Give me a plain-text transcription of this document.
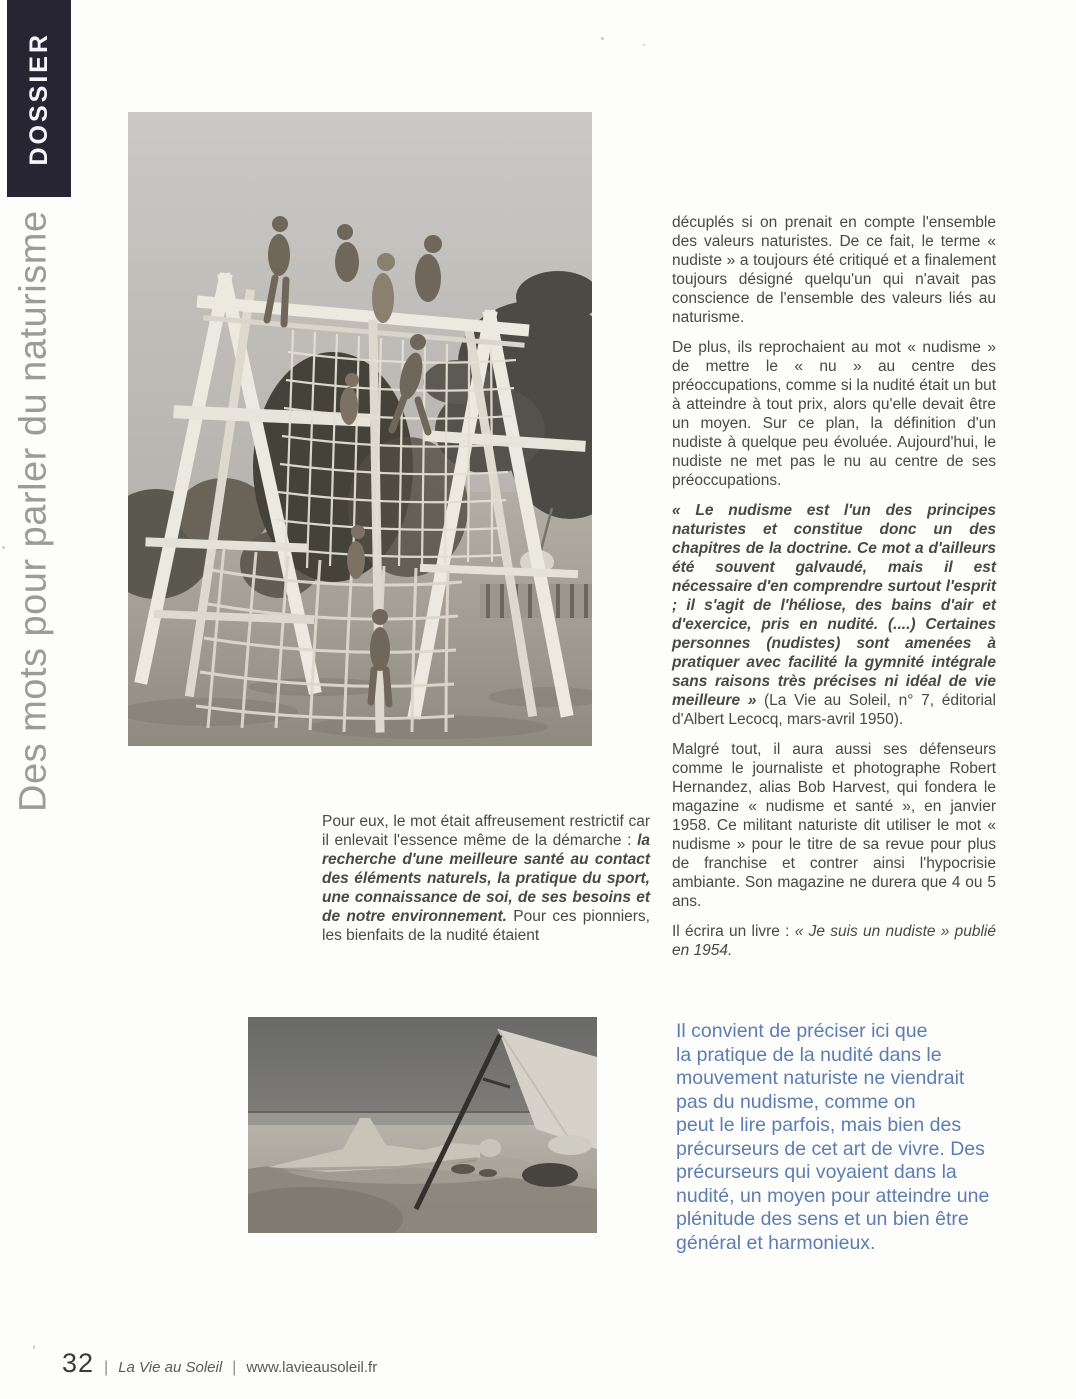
DOSSIER
Des mots pour parler du naturisme
Pour eux, le mot était affreusement restrictif car il enlevait l'essence même de la démarche : la recherche d'une meilleure santé au contact des éléments naturels, la pratique du sport, une connaissance de soi, de ses besoins et de notre environnement. Pour ces pionniers, les bienfaits de la nudité étaient

décuplés si on prenait en compte l'ensemble des valeurs naturistes. De ce fait, le terme « nudiste » a toujours été critiqué et a finalement toujours désigné quelqu'un qui n'avait pas conscience de l'ensemble des valeurs liés au naturisme.

De plus, ils reprochaient au mot « nudisme » de mettre le « nu » au centre des préoccupations, comme si la nudité était un but à atteindre à tout prix, alors qu'elle devait être un moyen. Sur ce plan, la définition d'un nudiste à quelque peu évoluée. Aujourd'hui, le nudiste ne met pas le nu au centre de ses préoccupations.

« Le nudisme est l'un des principes naturistes et constitue donc un des chapitres de la doctrine. Ce mot a d'ailleurs été souvent galvaudé, mais il est nécessaire d'en comprendre surtout l'esprit ; il s'agit de l'héliose, des bains d'air et d'exercice, pris en nudité. (....) Certaines personnes (nudistes) sont amenées à pratiquer avec facilité la gymnité intégrale sans raisons très précises ni idéal de vie meilleure » (La Vie au Soleil, n° 7, éditorial d'Albert Lecocq, mars-avril 1950).

Malgré tout, il aura aussi ses défenseurs comme le journaliste et photographe Robert Hernandez, alias Bob Harvest, qui fondera le magazine « nudisme et santé », en janvier 1958. Ce militant naturiste dit utiliser le mot « nudisme » pour le titre de sa revue pour plus de franchise et contrer ainsi l'hypocrisie ambiante. Son magazine ne durera que 4 ou 5 ans.

Il écrira un livre : « Je suis un nudiste » publié en 1954.

Il convient de préciser ici que
la pratique de la nudité dans le
mouvement naturiste ne viendrait
pas du nudisme, comme on
peut le lire parfois, mais bien des
précurseurs de cet art de vivre. Des
précurseurs qui voyaient dans la
nudité, un moyen pour atteindre une
plénitude des sens et un bien être
général et harmonieux.
32 | La Vie au Soleil | www.lavieausoleil.fr
